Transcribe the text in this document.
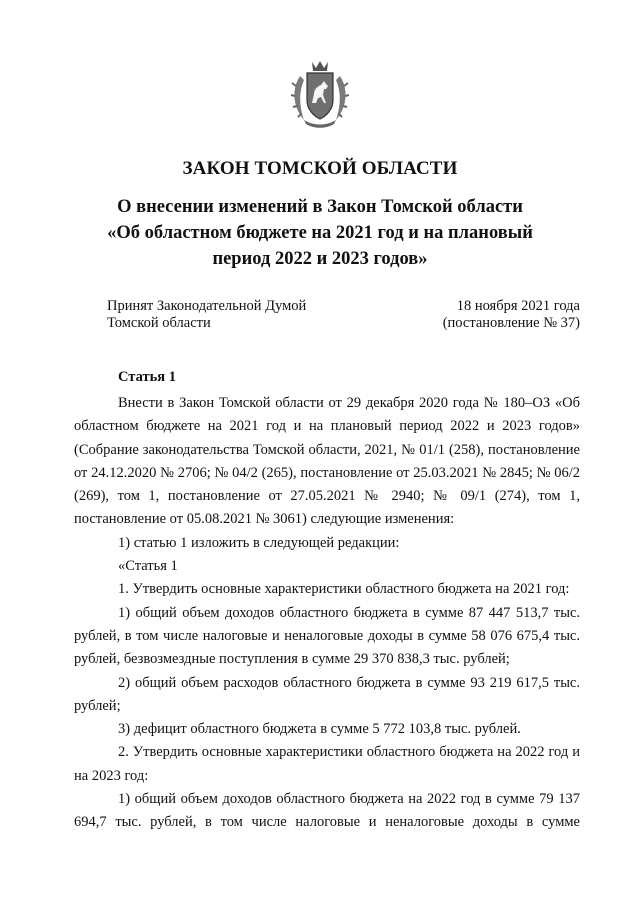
ЗАКОН ТОМСКОЙ ОБЛАСТИ
О внесении изменений в Закон Томской области
«Об областном бюджете на 2021 год и на плановый
период 2022 и 2023 годов»
Принят Законодательной Думой
Томской области
18 ноября 2021 года
(постановление № 37)
Статья 1

Внести в Закон Томской области от 29 декабря 2020 года № 180–ОЗ «Об областном бюджете на 2021 год и на плановый период 2022 и 2023 годов» (Собрание законодательства Томской области, 2021, № 01/1 (258), постановление от 24.12.2020 № 2706; № 04/2 (265), постановление от 25.03.2021 № 2845; № 06/2 (269), том 1, постановление от 27.05.2021 № 2940; № 09/1 (274), том 1, постановление от 05.08.2021 № 3061) следующие изменения:

1) статью 1 изложить в следующей редакции:

«Статья 1

1. Утвердить основные характеристики областного бюджета на 2021 год:

1) общий объем доходов областного бюджета в сумме 87 447 513,7 тыс. рублей, в том числе налоговые и неналоговые доходы в сумме 58 076 675,4 тыс. рублей, безвозмездные поступления в сумме 29 370 838,3 тыс. рублей;

2) общий объем расходов областного бюджета в сумме 93 219 617,5 тыс. рублей;

3) дефицит областного бюджета в сумме 5 772 103,8 тыс. рублей.

2. Утвердить основные характеристики областного бюджета на 2022 год и на 2023 год:

1) общий объем доходов областного бюджета на 2022 год в сумме 79 137 694,7 тыс. рублей, в том числе налоговые и неналоговые доходы в сумме
